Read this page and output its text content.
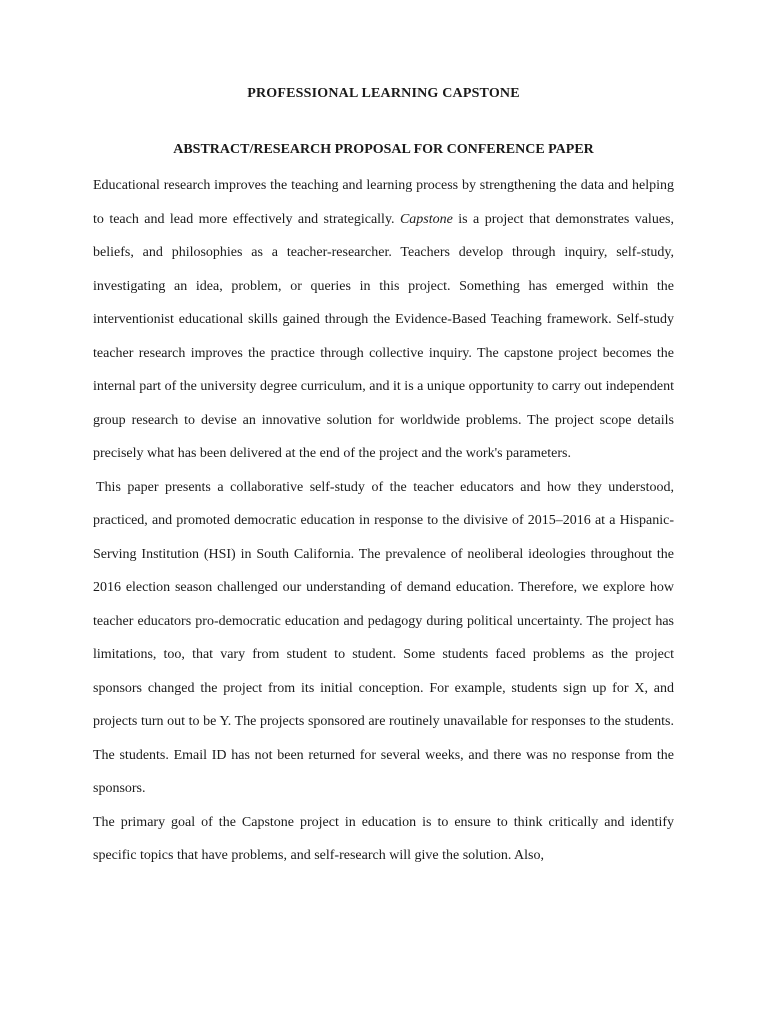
PROFESSIONAL LEARNING CAPSTONE
ABSTRACT/RESEARCH PROPOSAL FOR CONFERENCE PAPER

Educational research improves the teaching and learning process by strengthening the data and helping to teach and lead more effectively and strategically. Capstone is a project that demonstrates values, beliefs, and philosophies as a teacher-researcher. Teachers develop through inquiry, self-study, investigating an idea, problem, or queries in this project. Something has emerged within the interventionist educational skills gained through the Evidence-Based Teaching framework. Self-study teacher research improves the practice through collective inquiry. The capstone project becomes the internal part of the university degree curriculum, and it is a unique opportunity to carry out independent group research to devise an innovative solution for worldwide problems. The project scope details precisely what has been delivered at the end of the project and the work's parameters.

This paper presents a collaborative self-study of the teacher educators and how they understood, practiced, and promoted democratic education in response to the divisive of 2015–2016 at a Hispanic-Serving Institution (HSI) in South California. The prevalence of neoliberal ideologies throughout the 2016 election season challenged our understanding of demand education. Therefore, we explore how teacher educators pro-democratic education and pedagogy during political uncertainty. The project has limitations, too, that vary from student to student. Some students faced problems as the project sponsors changed the project from its initial conception. For example, students sign up for X, and projects turn out to be Y. The projects sponsored are routinely unavailable for responses to the students. The students. Email ID has not been returned for several weeks, and there was no response from the sponsors.

The primary goal of the Capstone project in education is to ensure to think critically and identify specific topics that have problems, and self-research will give the solution. Also,
